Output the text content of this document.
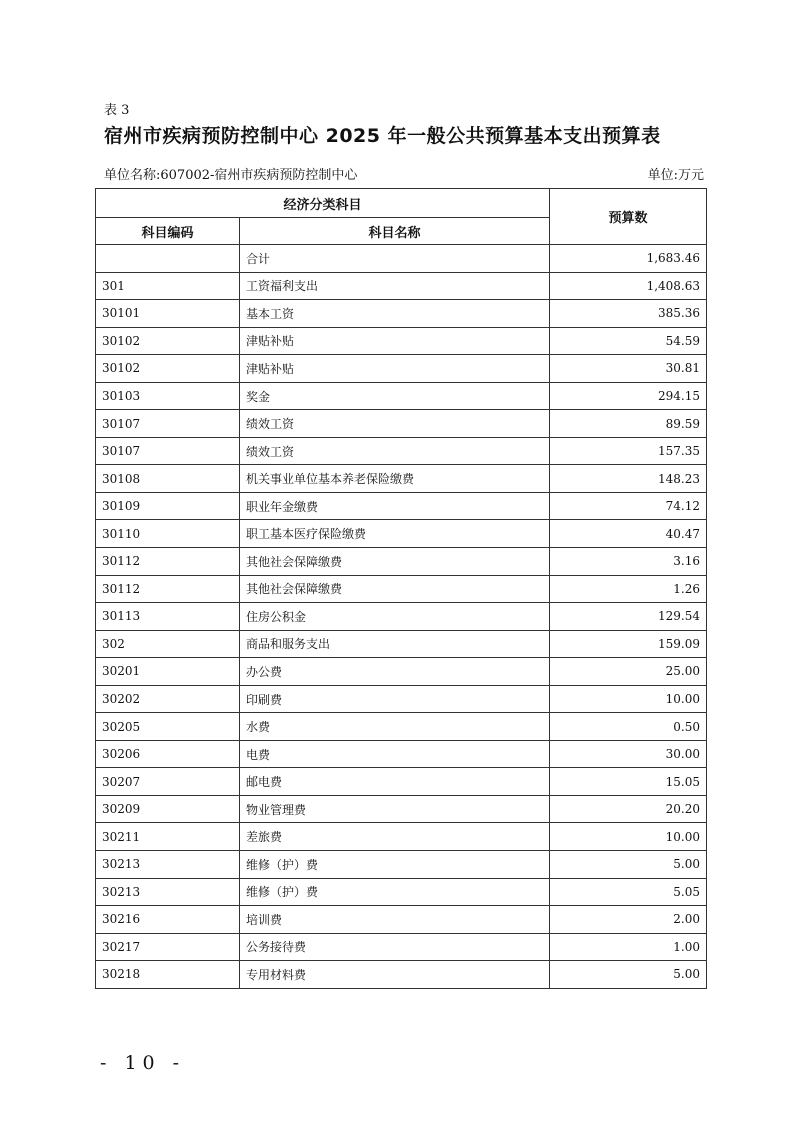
表 3
宿州市疾病预防控制中心 2025 年一般公共预算基本支出预算表
单位名称:607002-宿州市疾病预防控制中心	单位:万元
经济分类科目		预算数
科目编码	科目名称	
	合计	1,683.46
301	工资福利支出	1,408.63
30101	基本工资	385.36
30102	津贴补贴	54.59
30102	津贴补贴	30.81
30103	奖金	294.15
30107	绩效工资	89.59
30107	绩效工资	157.35
30108	机关事业单位基本养老保险缴费	148.23
30109	职业年金缴费	74.12
30110	职工基本医疗保险缴费	40.47
30112	其他社会保障缴费	3.16
30112	其他社会保障缴费	1.26
30113	住房公积金	129.54
302	商品和服务支出	159.09
30201	办公费	25.00
30202	印刷费	10.00
30205	水费	0.50
30206	电费	30.00
30207	邮电费	15.05
30209	物业管理费	20.20
30211	差旅费	10.00
30213	维修（护）费	5.00
30213	维修（护）费	5.05
30216	培训费	2.00
30217	公务接待费	1.00
30218	专用材料费	5.00
- 10 -
